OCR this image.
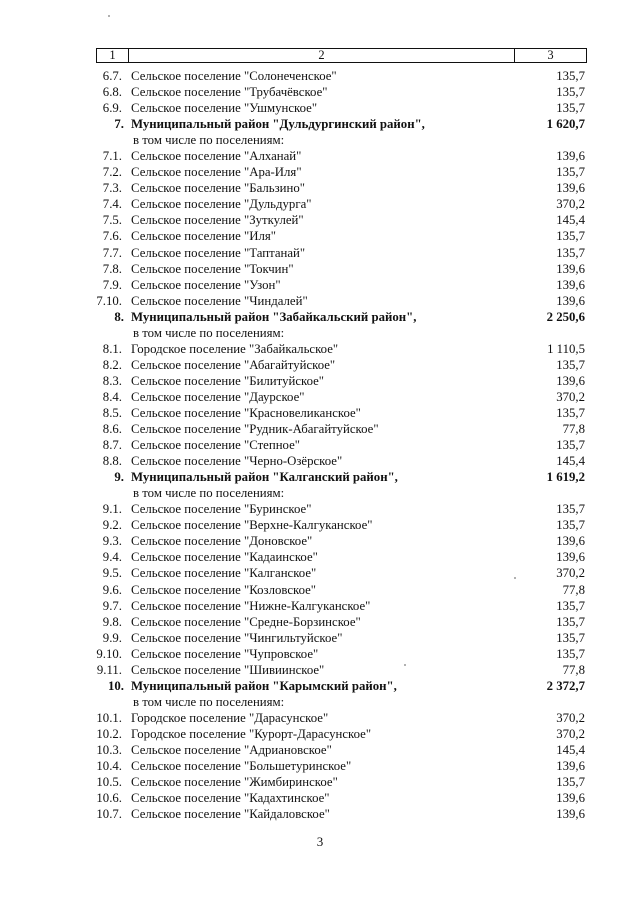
1	2	3
6.7. Сельское поселение "Солонеченское"	135,7
6.8. Сельское поселение "Трубачёвское"	135,7
6.9. Сельское поселение "Ушмунское"	135,7
7. Муниципальный район "Дульдургинский район",	1 620,7
в том числе по поселениям:
7.1. Сельское поселение "Алханай"	139,6
7.2. Сельское поселение "Ара-Иля"	135,7
7.3. Сельское поселение "Бальзино"	139,6
7.4. Сельское поселение "Дульдурга"	370,2
7.5. Сельское поселение "Зуткулей"	145,4
7.6. Сельское поселение "Иля"	135,7
7.7. Сельское поселение "Таптанай"	135,7
7.8. Сельское поселение "Токчин"	139,6
7.9. Сельское поселение "Узон"	139,6
7.10. Сельское поселение "Чиндалей"	139,6
8. Муниципальный район "Забайкальский район",	2 250,6
в том числе по поселениям:
8.1. Городское поселение "Забайкальское"	1 110,5
8.2. Сельское поселение "Абагайтуйское"	135,7
8.3. Сельское поселение "Билитуйское"	139,6
8.4. Сельское поселение "Даурское"	370,2
8.5. Сельское поселение "Красновеликанское"	135,7
8.6. Сельское поселение "Рудник-Абагайтуйское"	77,8
8.7. Сельское поселение "Степное"	135,7
8.8. Сельское поселение "Черно-Озёрское"	145,4
9. Муниципальный район "Калганский район",	1 619,2
в том числе по поселениям:
9.1. Сельское поселение "Буринское"	135,7
9.2. Сельское поселение "Верхне-Калгуканское"	135,7
9.3. Сельское поселение "Доновское"	139,6
9.4. Сельское поселение "Кадаинское"	139,6
9.5. Сельское поселение "Калганское"	370,2
9.6. Сельское поселение "Козловское"	77,8
9.7. Сельское поселение "Нижне-Калгуканское"	135,7
9.8. Сельское поселение "Средне-Борзинское"	135,7
9.9. Сельское поселение "Чингильтуйское"	135,7
9.10. Сельское поселение "Чупровское"	135,7
9.11. Сельское поселение "Шивиинское"	77,8
10. Муниципальный район "Карымский район",	2 372,7
в том числе по поселениям:
10.1. Городское поселение "Дарасунское"	370,2
10.2. Городское поселение "Курорт-Дарасунское"	370,2
10.3. Сельское поселение "Адриановское"	145,4
10.4. Сельское поселение "Большетуринское"	139,6
10.5. Сельское поселение "Жимбиринское"	135,7
10.6. Сельское поселение "Кадахтинское"	139,6
10.7. Сельское поселение "Кайдаловское"	139,6
3
